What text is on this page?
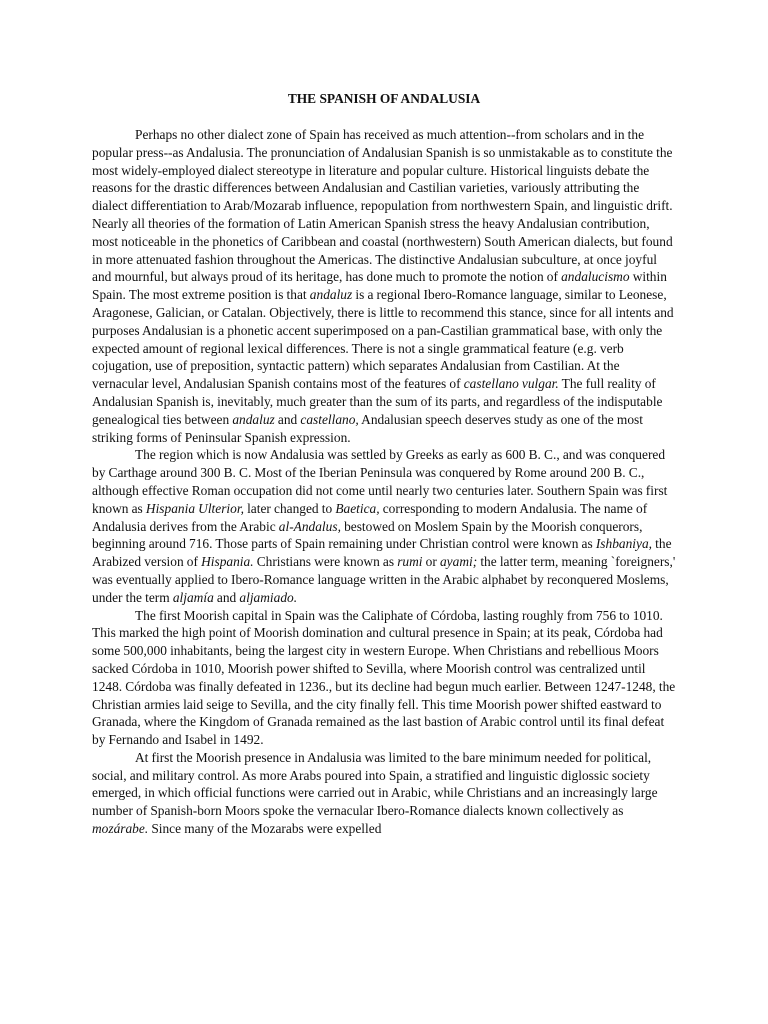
THE SPANISH OF ANDALUSIA

Perhaps no other dialect zone of Spain has received as much attention--from scholars and in the popular press--as Andalusia. The pronunciation of Andalusian Spanish is so unmistakable as to constitute the most widely-employed dialect stereotype in literature and popular culture. Historical linguists debate the reasons for the drastic differences between Andalusian and Castilian varieties, variously attributing the dialect differentiation to Arab/Mozarab influence, repopulation from northwestern Spain, and linguistic drift. Nearly all theories of the formation of Latin American Spanish stress the heavy Andalusian contribution, most noticeable in the phonetics of Caribbean and coastal (northwestern) South American dialects, but found in more attenuated fashion throughout the Americas. The distinctive Andalusian subculture, at once joyful and mournful, but always proud of its heritage, has done much to promote the notion of andalucismo within Spain. The most extreme position is that andaluz is a regional Ibero-Romance language, similar to Leonese, Aragonese, Galician, or Catalan. Objectively, there is little to recommend this stance, since for all intents and purposes Andalusian is a phonetic accent superimposed on a pan-Castilian grammatical base, with only the expected amount of regional lexical differences. There is not a single grammatical feature (e.g. verb cojugation, use of preposition, syntactic pattern) which separates Andalusian from Castilian. At the vernacular level, Andalusian Spanish contains most of the features of castellano vulgar. The full reality of Andalusian Spanish is, inevitably, much greater than the sum of its parts, and regardless of the indisputable genealogical ties between andaluz and castellano, Andalusian speech deserves study as one of the most striking forms of Peninsular Spanish expression.

The region which is now Andalusia was settled by Greeks as early as 600 B. C., and was conquered by Carthage around 300 B. C. Most of the Iberian Peninsula was conquered by Rome around 200 B. C., although effective Roman occupation did not come until nearly two centuries later. Southern Spain was first known as Hispania Ulterior, later changed to Baetica, corresponding to modern Andalusia. The name of Andalusia derives from the Arabic al-Andalus, bestowed on Moslem Spain by the Moorish conquerors, beginning around 716. Those parts of Spain remaining under Christian control were known as Ishbaniya, the Arabized version of Hispania. Christians were known as rumi or ayami; the latter term, meaning `foreigners,' was eventually applied to Ibero-Romance language written in the Arabic alphabet by reconquered Moslems, under the term aljamía and aljamiado.

The first Moorish capital in Spain was the Caliphate of Córdoba, lasting roughly from 756 to 1010. This marked the high point of Moorish domination and cultural presence in Spain; at its peak, Córdoba had some 500,000 inhabitants, being the largest city in western Europe. When Christians and rebellious Moors sacked Córdoba in 1010, Moorish power shifted to Sevilla, where Moorish control was centralized until 1248. Córdoba was finally defeated in 1236., but its decline had begun much earlier. Between 1247-1248, the Christian armies laid seige to Sevilla, and the city finally fell. This time Moorish power shifted eastward to Granada, where the Kingdom of Granada remained as the last bastion of Arabic control until its final defeat by Fernando and Isabel in 1492.

At first the Moorish presence in Andalusia was limited to the bare minimum needed for political, social, and military control. As more Arabs poured into Spain, a stratified and linguistic diglossic society emerged, in which official functions were carried out in Arabic, while Christians and an increasingly large number of Spanish-born Moors spoke the vernacular Ibero-Romance dialects known collectively as mozárabe. Since many of the Mozarabs were expelled
